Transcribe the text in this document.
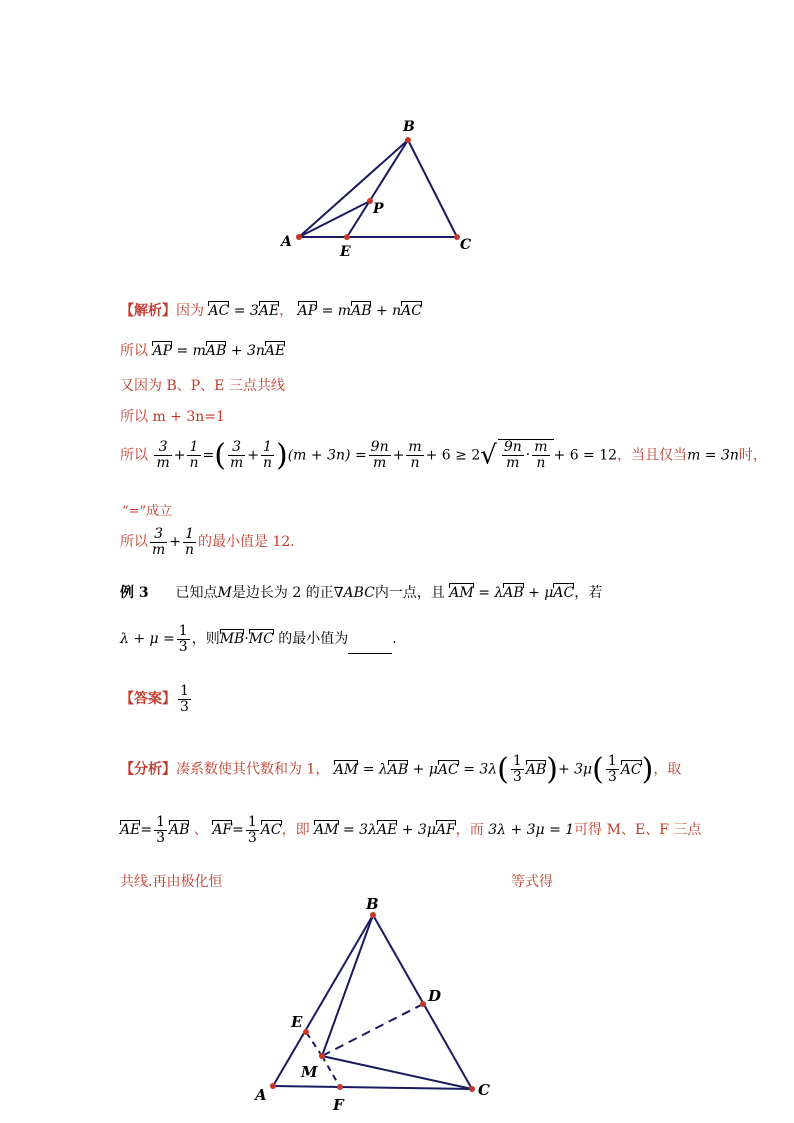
B
A	C
P
E
【解析】因为 AC = 3AE， AP = mAB + nAC
所以 AP = mAB + 3nAE
又因为 B、P、E 三点共线
所以 m + 3n=1
所以 $\frac{3}{m} + \frac{1}{n}$ =( $\frac{3}{m} + \frac{1}{n} )(m + 3n) = \frac{9n}{m} + \frac{m}{n} + 6 \ge 2√ \frac{9n}{m} \cdot \frac{m}{n} + 6 = 12$，当且仅当m = 3n时，
“=”成立
所以 $\frac{3}{m} + \frac{1}{n}$ 的最小值是 12．
例 3 已知点M是边长为 2 的正∇ABC内一点，且 AM = λAB + μAC，若
$\lambda + \mu = \frac{1}{3}$ ，则MB·MC 的最小值为	.
【答案】 $\frac{1}{3}$
【分析】凑系数使其代数和为 1， AM = $\lambda AB + \mu AC = 3\lambda( \frac{1}{3} AB)+ 3\mu( \frac{1}{3} AC)$，取
$AE= \frac{1}{3}$ AB 、 $AF= \frac{1}{3}$ AC，即 AM = 3λAE + 3μAF，而 3λ + 3μ = 1可得 M、E、F 三点
共线.再由极化恒	等式得
B
A	C
D
E
M
F
